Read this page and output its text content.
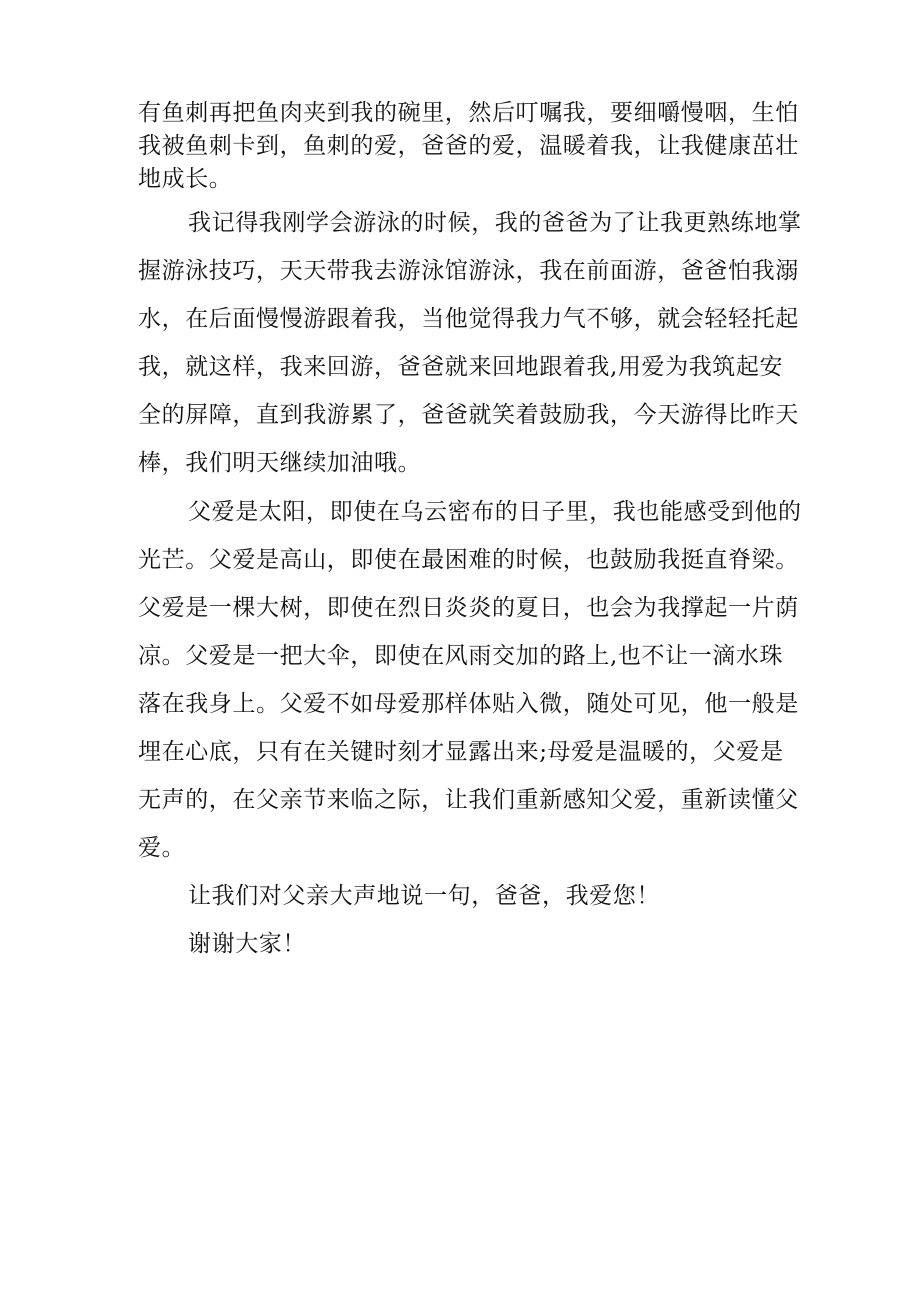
有鱼刺再把鱼肉夹到我的碗里，然后叮嘱我，要细嚼慢咽，生怕

我被鱼刺卡到，鱼刺的爱，爸爸的爱，温暖着我，让我健康茁壮

地成长。

我记得我刚学会游泳的时候，我的爸爸为了让我更熟练地掌

握游泳技巧，天天带我去游泳馆游泳，我在前面游，爸爸怕我溺

水，在后面慢慢游跟着我，当他觉得我力气不够，就会轻轻托起

我，就这样，我来回游，爸爸就来回地跟着我,用爱为我筑起安

全的屏障，直到我游累了，爸爸就笑着鼓励我，今天游得比昨天

棒，我们明天继续加油哦。

父爱是太阳，即使在乌云密布的日子里，我也能感受到他的

光芒。父爱是高山，即使在最困难的时候，也鼓励我挺直脊梁。

父爱是一棵大树，即使在烈日炎炎的夏日，也会为我撑起一片荫

凉。父爱是一把大伞，即使在风雨交加的路上,也不让一滴水珠

落在我身上。父爱不如母爱那样体贴入微，随处可见，他一般是

埋在心底，只有在关键时刻才显露出来;母爱是温暖的，父爱是

无声的，在父亲节来临之际，让我们重新感知父爱，重新读懂父

爱。

让我们对父亲大声地说一句，爸爸，我爱您！

谢谢大家！
